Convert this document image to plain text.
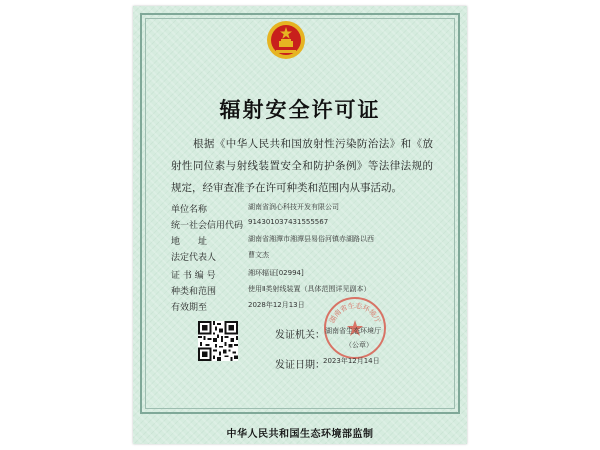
辐射安全许可证
根据《中华人民共和国放射性污染防治法》和《放射性同位素与射线装置安全和防护条例》等法律法规的规定，经审查准予在许可种类和范围内从事活动。
单位名称	湖南省润心科技开发有限公司
统一社会信用代码 914301037431555567
地　　址	湖南省湘潭市湘潭县易俗河镇赤湖路以西
法定代表人	曹文杰
证 书 编 号	湘环辐证[02994]
种类和范围	使用Ⅱ类射线装置（具体范围详见副本）
有效期至	2028年12月13日
湖南省生态环境厅
发证机关： 湖南省生态环境厅
（公章）
发证日期：
2023年12月14日
中华人民共和国生态环境部监制
